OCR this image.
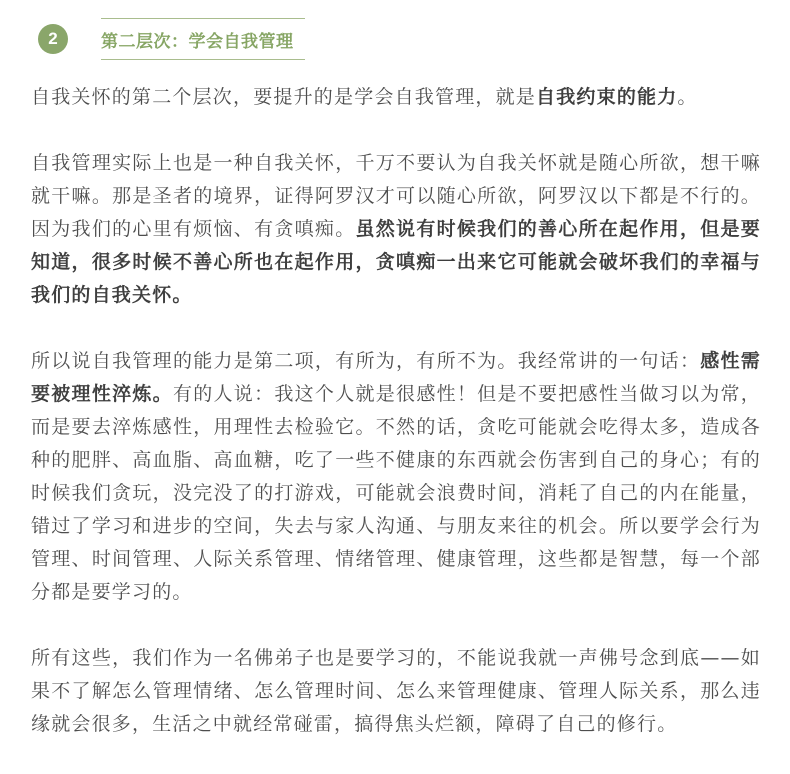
2	第二层次：学会自我管理

自我关怀的第二个层次，要提升的是学会自我管理，就是自我约束的能力。

自我管理实际上也是一种自我关怀，千万不要认为自我关怀就是随心所欲，想干嘛就干嘛。那是圣者的境界，证得阿罗汉才可以随心所欲，阿罗汉以下都是不行的。因为我们的心里有烦恼、有贪嗔痴。虽然说有时候我们的善心所在起作用，但是要知道，很多时候不善心所也在起作用，贪嗔痴一出来它可能就会破坏我们的幸福与我们的自我关怀。

所以说自我管理的能力是第二项，有所为，有所不为。我经常讲的一句话：感性需要被理性淬炼。有的人说：我这个人就是很感性！但是不要把感性当做习以为常，而是要去淬炼感性，用理性去检验它。不然的话，贪吃可能就会吃得太多，造成各种的肥胖、高血脂、高血糖，吃了一些不健康的东西就会伤害到自己的身心；有的时候我们贪玩，没完没了的打游戏，可能就会浪费时间，消耗了自己的内在能量，错过了学习和进步的空间，失去与家人沟通、与朋友来往的机会。所以要学会行为管理、时间管理、人际关系管理、情绪管理、健康管理，这些都是智慧，每一个部分都是要学习的。

所有这些，我们作为一名佛弟子也是要学习的，不能说我就一声佛号念到底——如果不了解怎么管理情绪、怎么管理时间、怎么来管理健康、管理人际关系，那么违缘就会很多，生活之中就经常碰雷，搞得焦头烂额，障碍了自己的修行。
